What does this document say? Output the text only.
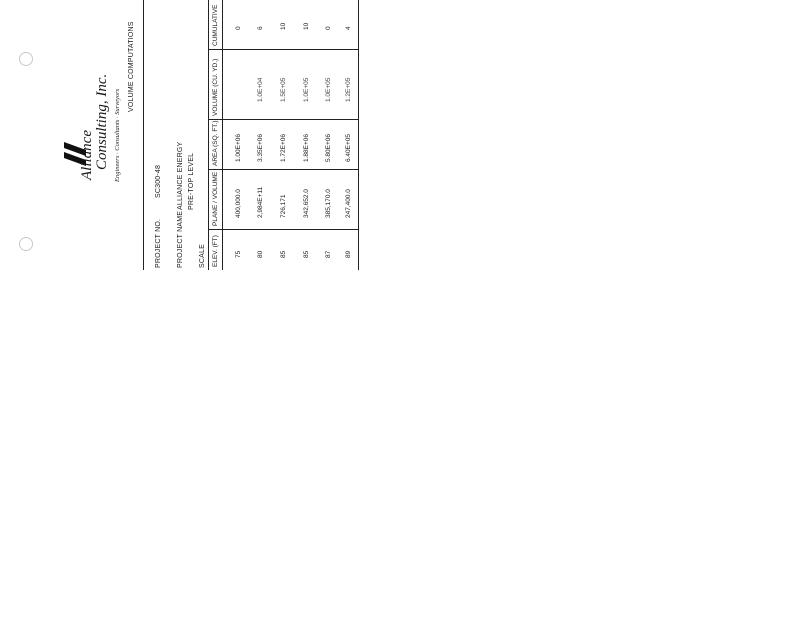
Alliance Consulting, Inc. Engineers · Consultants · Surveyors
VOLUME COMPUTATIONS
PROJECT NO.
SC300-48
PROJECT NAME
ALLIANCE ENERGY PRE-TOP LEVEL
SCALE ELEV. (FT)
PLANE / VOLUME
AREA (SQ. FT.)
VOLUME (CU. YD.)
CUMULATIVE
75
400,000.0
1.00E+06
0
80
2,984E+11
3.35E+06
1.0E+04
6
85
726,171
1.72E+06
1.5E+05
10
85
342,652.0
1.88E+06
1.0E+05
10
87
385,170.0
5.80E+06
1.0E+05
0
89
247,400.0
6.40E+05
1.2E+05
4
